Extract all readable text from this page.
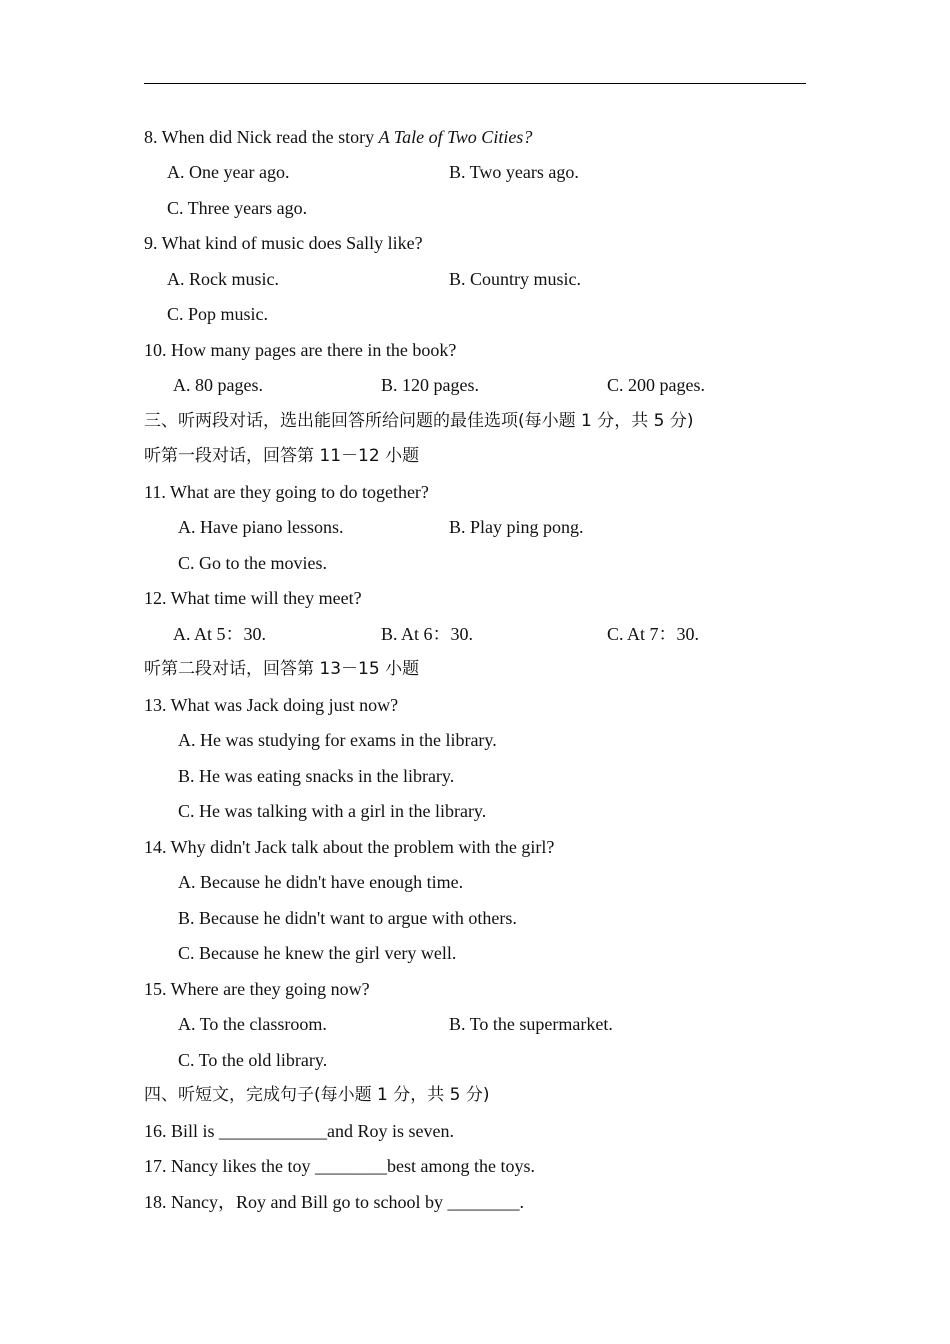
8. When did Nick read the story A Tale of Two Cities?
A. One year ago.	B. Two years ago.
C. Three years ago.
9. What kind of music does Sally like?
A. Rock music.	B. Country music.
C. Pop music.
10. How many pages are there in the book?
A. 80 pages.	B. 120 pages.	C. 200 pages.
三、听两段对话，选出能回答所给问题的最佳选项(每小题 1 分，共 5 分)
听第一段对话，回答第 11－12 小题
11. What are they going to do together?
A. Have piano lessons.	B. Play ping pong.
C. Go to the movies.
12. What time will they meet?
A. At 5：30.	B. At 6：30.	C. At 7：30.
听第二段对话，回答第 13－15 小题
13. What was Jack doing just now?
A. He was studying for exams in the library.
B. He was eating snacks in the library.
C. He was talking with a girl in the library.
14. Why didn't Jack talk about the problem with the girl?
A. Because he didn't have enough time.
B. Because he didn't want to argue with others.
C. Because he knew the girl very well.
15. Where are they going now?
A. To the classroom.	B. To the supermarket.
C. To the old library.
四、听短文，完成句子(每小题 1 分，共 5 分)
16. Bill is ____________and Roy is seven.
17. Nancy likes the toy ________best among the toys.
18. Nancy，Roy and Bill go to school by ________.
